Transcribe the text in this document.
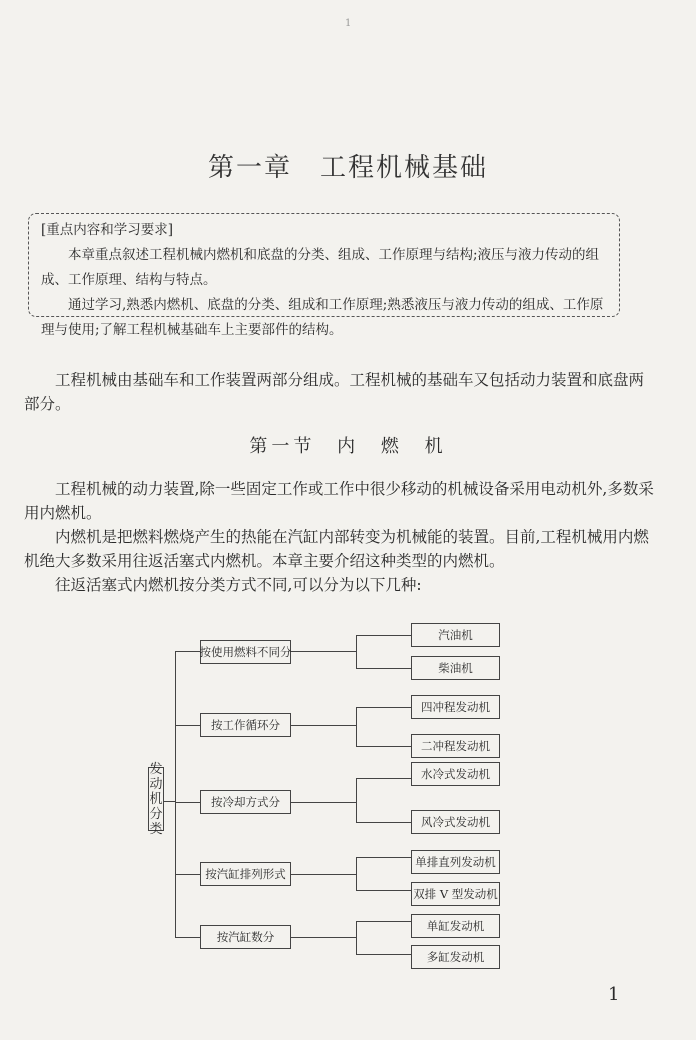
1

第一章　工程机械基础
[重点内容和学习要求]

本章重点叙述工程机械内燃机和底盘的分类、组成、工作原理与结构;液压与液力传动的组成、工作原理、结构与特点。

通过学习,熟悉内燃机、底盘的分类、组成和工作原理;熟悉液压与液力传动的组成、工作原理与使用;了解工程机械基础车上主要部件的结构。

工程机械由基础车和工作装置两部分组成。工程机械的基础车又包括动力装置和底盘两部分。

第一节 内 燃 机

工程机械的动力装置,除一些固定工作或工作中很少移动的机械设备采用电动机外,多数采用内燃机。

内燃机是把燃料燃烧产生的热能在汽缸内部转变为机械能的装置。目前,工程机械用内燃机绝大多数采用往返活塞式内燃机。本章主要介绍这种类型的内燃机。

往返活塞式内燃机按分类方式不同,可以分为以下几种:

发
动
机
分
类
按使用燃料不同分
按工作循环分
按冷却方式分
按汽缸排列形式
按汽缸数分
汽油机
柴油机
四冲程发动机
二冲程发动机
水冷式发动机
风冷式发动机
单排直列发动机
双排 V 型发动机
单缸发动机
多缸发动机
1
